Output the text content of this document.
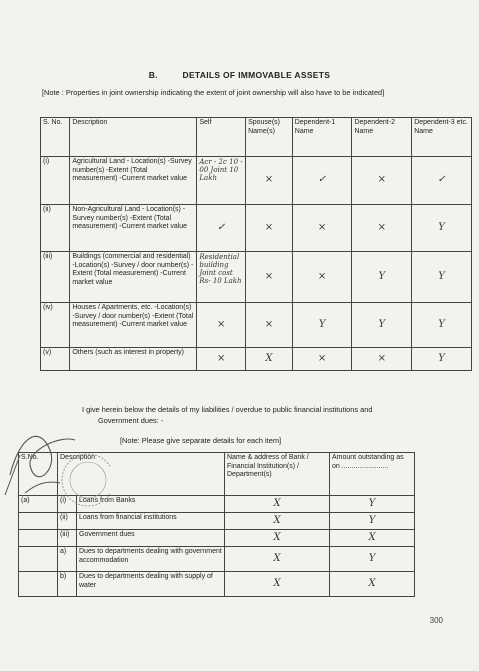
B.	DETAILS OF IMMOVABLE ASSETS
[Note : Properties in joint ownership indicating the extent of joint ownership will also have to be indicated]
S. No.	Description	Self	Spouse(s) Name(s)	Dependent-1 Name	Dependent-2 Name	Dependent-3 etc. Name
(i)	Agricultural Land - Location(s) -Survey number(s) -Extent (Total measurement) -Current market value	Acr - 2c 10 - 00 Joint 10 Lakh	×	✓	×	✓
(ii)	Non-Agricultural Land - Location(s) -Survey number(s) -Extent (Total measurement) -Current market value	✓	×	×	×	Y
(iii)	Buildings (commercial and residential) -Location(s) -Survey / door number(s) -Extent (Total measurement) -Current market value	Residential building Joint cost Rs- 10 Lakh	×	×	Y	Y
(iv)	Houses / Apartments, etc. -Location(s) -Survey / door number(s) -Extent (Total measurement) -Current market value	×	×	Y	Y	Y
(v)	Others (such as interest in property)	×	X	×	×	Y
I give herein below the details of my liabilities / overdue to public financial institutions and
Government dues: -
[Note: Please give separate details for each item]
S.No.	Description		Name & address of Bank / Financial Institution(s) / Department(s)	Amount outstanding as on ........................
(a)	(i)	Loans from Banks	X	Y
	(ii)	Loans from financial institutions	X	Y
	(iii)	Government dues	X	X
	a)	Dues to departments dealing with government accommodation	X	Y
	b)	Dues to departments dealing with supply of water	X	X
300
